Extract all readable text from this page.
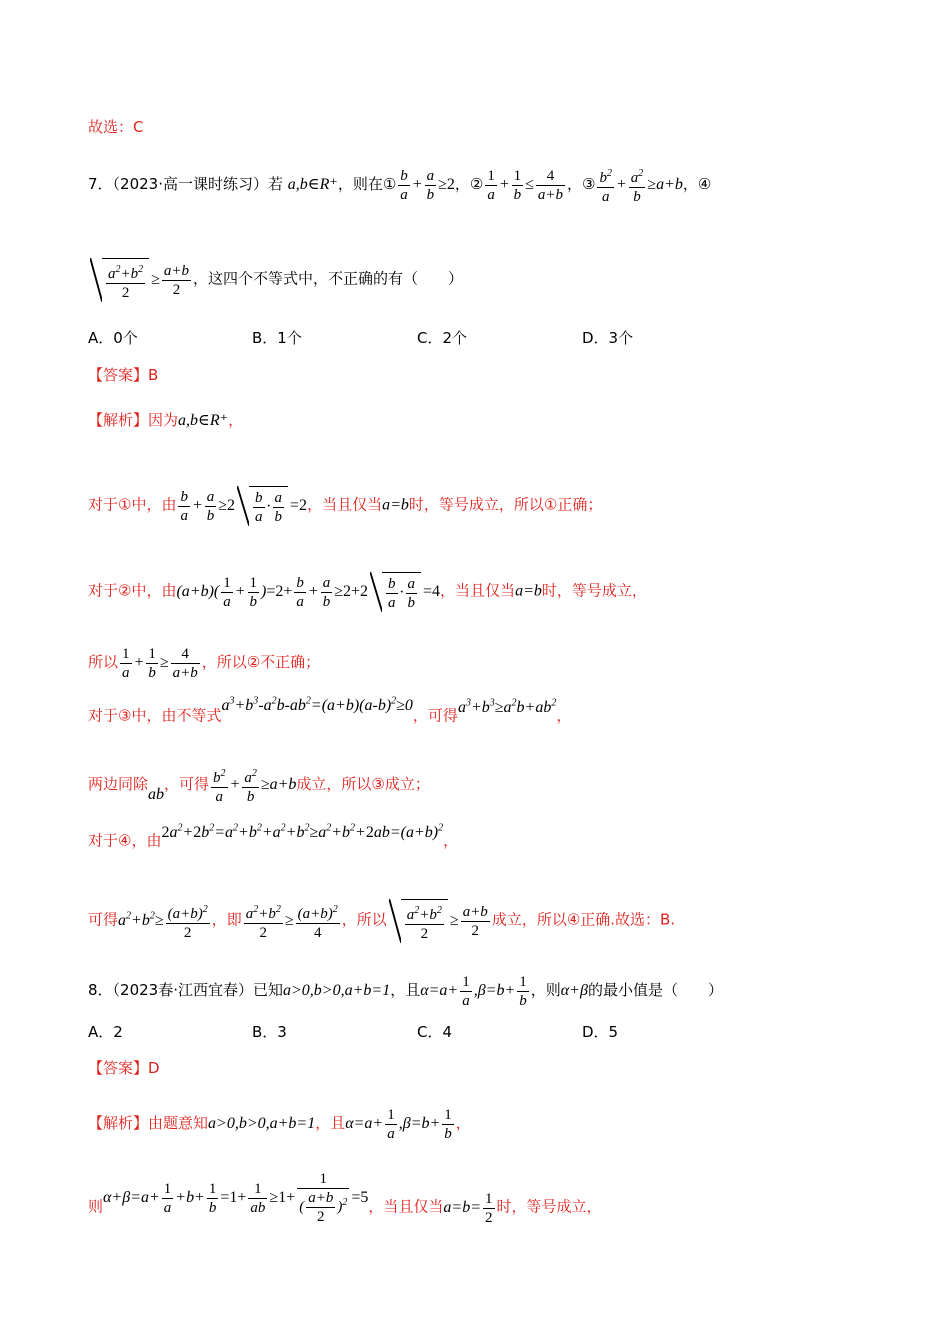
故选：C
7．（2023·高一课时练习）若 a,b∈R⁺，则在① $\frac{b}{a} + \frac{a}{b} \ge 2$，② $\frac{1}{a} + \frac{1}{b} \le \frac{4}{a+b}$ ，③ $\frac{b^2}{a} + \frac{a^2}{b} \ge a+b$，④
$\frac{a^2+b^2}{2} \ge \frac{a+b}{2}$ ，这四个不等式中，不正确的有（　　）
A．0个	B．1个	C．2个	D．3个
【答案】B
【解析】因为a,b∈R⁺，
对于①中，由 $\frac{b}{a} + \frac{a}{b} \ge 2 \frac{b}{a} \cdot \frac{a}{b} =2$，当且仅当a=b时，等号成立，所以①正确；
对于②中，由$(a+b)( \frac{1}{a} + \frac{1}{b} )=2+ \frac{b}{a} + \frac{a}{b} \ge 2+2 \frac{b}{a} \cdot \frac{a}{b} =4$，当且仅当a=b时，等号成立，
所以 $\frac{1}{a} + \frac{1}{b} \ge \frac{4}{a+b}$ ，所以②不正确；
对于③中，由不等式$a^3+b^3-a^2b-ab^2=(a+b)(a-b)^2\ge 0$，可得$a^3+b^3\ge a^2b+ab^2$，
两边同除ab，可得 $\frac{b^2}{a} + \frac{a^2}{b} \ge a+b$成立，所以③成立；
对于④，由$2a^2+2b^2=a^2+b^2+a^2+b^2\ge a^2+b^2+2ab=(a+b)^2$，
可得$a^2+b^2\ge \frac{(a+b)^2}{2}$ ，即 $\frac{a^2+b^2}{2} \ge \frac{(a+b)^2}{4}$ ，所以 $\frac{a^2+b^2}{2} \ge \frac{a+b}{2}$ 成立，所以④正确.故选：B.
8．（2023春·江西宜春）已知a>0,b>0,a+b=1，且$\alpha=a+ \frac{1}{a} ,\beta=b+ \frac{1}{b}$ ，则α+β的最小值是（　　）
A．2	B．3	C．4	D．5
【答案】D
【解析】由题意知a>0,b>0,a+b=1，且$\alpha=a+ \frac{1}{a} ,\beta=b+ \frac{1}{b}$ ，
则$\alpha+\beta=a+ \frac{1}{a} +b+ \frac{1}{b} =1+ \frac{1}{ab} \ge 1+ \frac{1}{( \frac{a+b}{2} )^2} =5$，当且仅当$a=b= \frac{1}{2}$ 时，等号成立，
